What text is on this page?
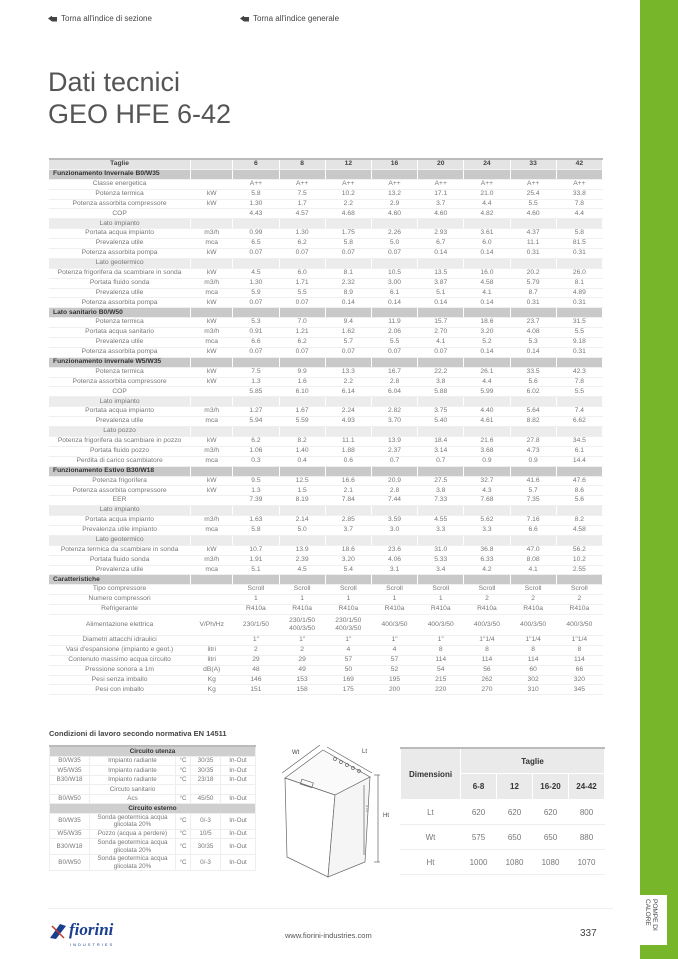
Torna all'indice di sezione	Torna all'indice generale
Dati tecnici
GEO HFE 6-42
POMPE DI CALORE
Taglie		6	8	12	16	20	24	33	42
Funzionamento Invernale B0/W35									
Classe energetica		A++	A++	A++	A++	A++	A++	A++	A++
Potenza termica	kW	5.8	7.5	10.2	13.2	17.1	21.0	25.4	33.8
Potenza assorbita compressore	kW	1.30	1.7	2.2	2.9	3.7	4.4	5.5	7.8
COP		4.43	4.57	4.68	4.60	4.60	4.82	4.60	4.4
Lato impianto									
Portata acqua impianto	m3/h	0.99	1.30	1.75	2.26	2.93	3.61	4.37	5.8
Prevalenza utile	mca	6.5	6.2	5.8	5.0	6.7	6.0	11.1	81.5
Potenza assorbita pompa	kW	0.07	0.07	0.07	0.07	0.14	0.14	0.31	0.31
Lato geotermico									
Potenza frigorifera da scambiare in sonda	kW	4.5	6.0	8.1	10.5	13.5	16.0	20.2	26.0
Portata fluido sonda	m3/h	1.30	1.71	2.32	3.00	3.87	4.58	5.79	8.1
Prevalenza utile	mca	5.9	5.5	8.9	6.1	5.1	4.1	8.7	4.89
Potenza assorbita pompa	kW	0.07	0.07	0.14	0.14	0.14	0.14	0.31	0.31
Lato sanitario B0/W50									
Potenza termica	kW	5.3	7.0	9.4	11.9	15.7	18.6	23.7	31.5
Portata acqua sanitario	m3/h	0.91	1.21	1.62	2.06	2.70	3.20	4.08	5.5
Prevalenza utile	mca	6.6	6.2	5.7	5.5	4.1	5.2	5.3	9.18
Potenza assorbita pompa	kW	0.07	0.07	0.07	0.07	0.07	0.14	0.14	0.31
Funzionamento invernale W5/W35									
Potenza termica	kW	7.5	9.9	13.3	16.7	22.2	26.1	33.5	42.3
Potenza assorbita compressore	kW	1.3	1.6	2.2	2.8	3.8	4.4	5.6	7.8
COP		5.85	6.10	6.14	6.04	5.88	5.99	6.02	5.5
Lato impianto									
Portata acqua impianto	m3/h	1.27	1.67	2.24	2.82	3.75	4.40	5.64	7.4
Prevalenza utile	mca	5.94	5.59	4.93	3.70	5.40	4.61	8.82	6.62
Lato pozzo									
Potenza frigorifera da scambiare in pozzo	kW	6.2	8.2	11.1	13.9	18.4	21.6	27.8	34.5
Portata fluido pozzo	m3/h	1.06	1.40	1.88	2.37	3.14	3.68	4.73	6.1
Perdita di carico scambiatore	mca	0.3	0.4	0.6	0.7	0.7	0.9	0.9	14.4
Funzionamento Estivo B30/W18									
Potenza frigorifera	kW	9.5	12.5	16.6	20.9	27.5	32.7	41.6	47.6
Potenza assorbita compressore	kW	1.3	1.5	2.1	2.8	3.8	4.3	5.7	8.6
EER		7.39	8.19	7.84	7.44	7.33	7.68	7.35	5.6
Lato impianto									
Portata acqua impianto	m3/h	1.63	2.14	2.85	3.59	4.55	5.62	7.16	8.2
Prevalenza utile impianto	mca	5.8	5.0	3.7	3.0	3.3	3.3	6.6	4.58
Lato geotermico									
Potenza termica da scambiare in sonda	kW	10.7	13.9	18.6	23.6	31.0	36.8	47.0	56.2
Portata fluido sonda	m3/h	1.91	2.39	3.20	4.06	5.33	6.33	8.08	10.2
Prevalenza utile	mca	5.1	4.5	5.4	3.1	3.4	4.2	4.1	2.55
Caratteristiche									
Tipo compressore		Scroll	Scroll	Scroll	Scroll	Scroll	Scroll	Scroll	Scroll
Numero compressori		1	1	1	1	1	2	2	2
Refrigerante		R410a	R410a	R410a	R410a	R410a	R410a	R410a	R410a
Alimentazione elettrica	V/Ph/Hz	230/1/50	230/1/50 400/3/50	230/1/50 400/3/50	400/3/50	400/3/50	400/3/50	400/3/50	400/3/50
Diametri attacchi idraulici		1"	1"	1"	1"	1"	1"1/4	1"1/4	1"1/4
Vasi d'espansione (impianto e geot.)	litri	2	2	4	4	8	8	8	8
Contenuto massimo acqua circuito	litri	29	29	57	57	114	114	114	114
Pressione sonora a 1m	dB(A)	48	49	50	52	54	56	60	66
Pesi senza imballo	Kg	146	153	169	195	215	262	302	320
Pesi con imballo	Kg	151	158	175	200	220	270	310	345
Condizioni di lavoro secondo normativa EN 14511
Circuito utenza				
B0/W35	Impianto radiante	°C	30/35	In-Out
W5/W35	Impianto radiante	°C	30/35	In-Out
B30/W18	Impianto radiante	°C	23/18	In-Out
	Circuto sanitario			
B0/W50	Acs	°C	45/50	In-Out
Circuito esterno				
B0/W35	Sonda geotermica acqua glicolata 20%	°C	0/-3	In-Out
W5/W35	Pozzo (acqua a perdere)	°C	10/5	In-Out
B30/W18	Sonda geotermica acqua glicolata 20%	°C	30/35	In-Out
B0/W50	Sonda geotermica acqua glicolata 20%	°C	0/-3	In-Out
Wt	Lt
Ht
570
Dimensioni	Taglie			
	6-8	12	16-20	24-42
Lt	620	620	620	800
Wt	575	650	650	880
Ht	1000	1080	1080	1070
fiorini
INDUSTRIES
www.fiorini-industries.com	337
